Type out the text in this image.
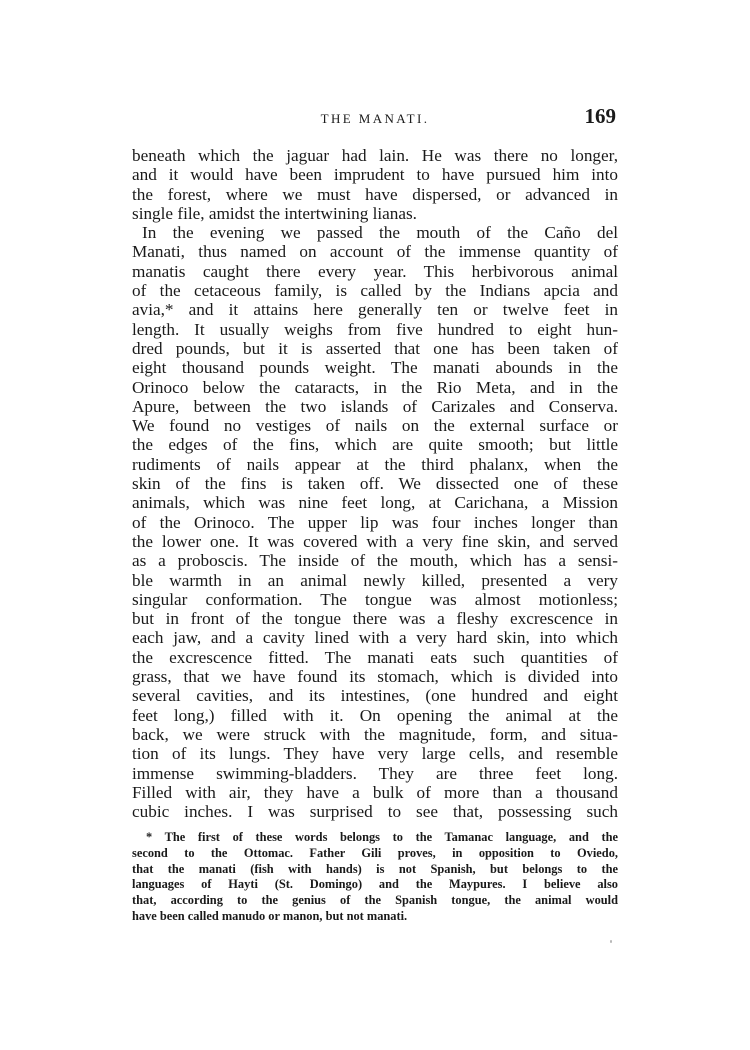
THE MANATI.	169
beneath which the jaguar had lain. He was there no longer,
and it would have been imprudent to have pursued him into
the forest, where we must have dispersed, or advanced in
single file, amidst the intertwining lianas.
In the evening we passed the mouth of the Caño del
Manati, thus named on account of the immense quantity of
manatis caught there every year. This herbivorous animal
of the cetaceous family, is called by the Indians apcia and
avia,* and it attains here generally ten or twelve feet in
length. It usually weighs from five hundred to eight hun-
dred pounds, but it is asserted that one has been taken of
eight thousand pounds weight. The manati abounds in the
Orinoco below the cataracts, in the Rio Meta, and in the
Apure, between the two islands of Carizales and Conserva.
We found no vestiges of nails on the external surface or
the edges of the fins, which are quite smooth; but little
rudiments of nails appear at the third phalanx, when the
skin of the fins is taken off. We dissected one of these
animals, which was nine feet long, at Carichana, a Mission
of the Orinoco. The upper lip was four inches longer than
the lower one. It was covered with a very fine skin, and served
as a proboscis. The inside of the mouth, which has a sensi-
ble warmth in an animal newly killed, presented a very
singular conformation. The tongue was almost motionless;
but in front of the tongue there was a fleshy excrescence in
each jaw, and a cavity lined with a very hard skin, into which
the excrescence fitted. The manati eats such quantities of
grass, that we have found its stomach, which is divided into
several cavities, and its intestines, (one hundred and eight
feet long,) filled with it. On opening the animal at the
back, we were struck with the magnitude, form, and situa-
tion of its lungs. They have very large cells, and resemble
immense swimming-bladders. They are three feet long.
Filled with air, they have a bulk of more than a thousand
cubic inches. I was surprised to see that, possessing such
* The first of these words belongs to the Tamanac language, and the
second to the Ottomac. Father Gili proves, in opposition to Oviedo,
that the manati (fish with hands) is not Spanish, but belongs to the
languages of Hayti (St. Domingo) and the Maypures. I believe also
that, according to the genius of the Spanish tongue, the animal would
have been called manudo or manon, but not manati.
